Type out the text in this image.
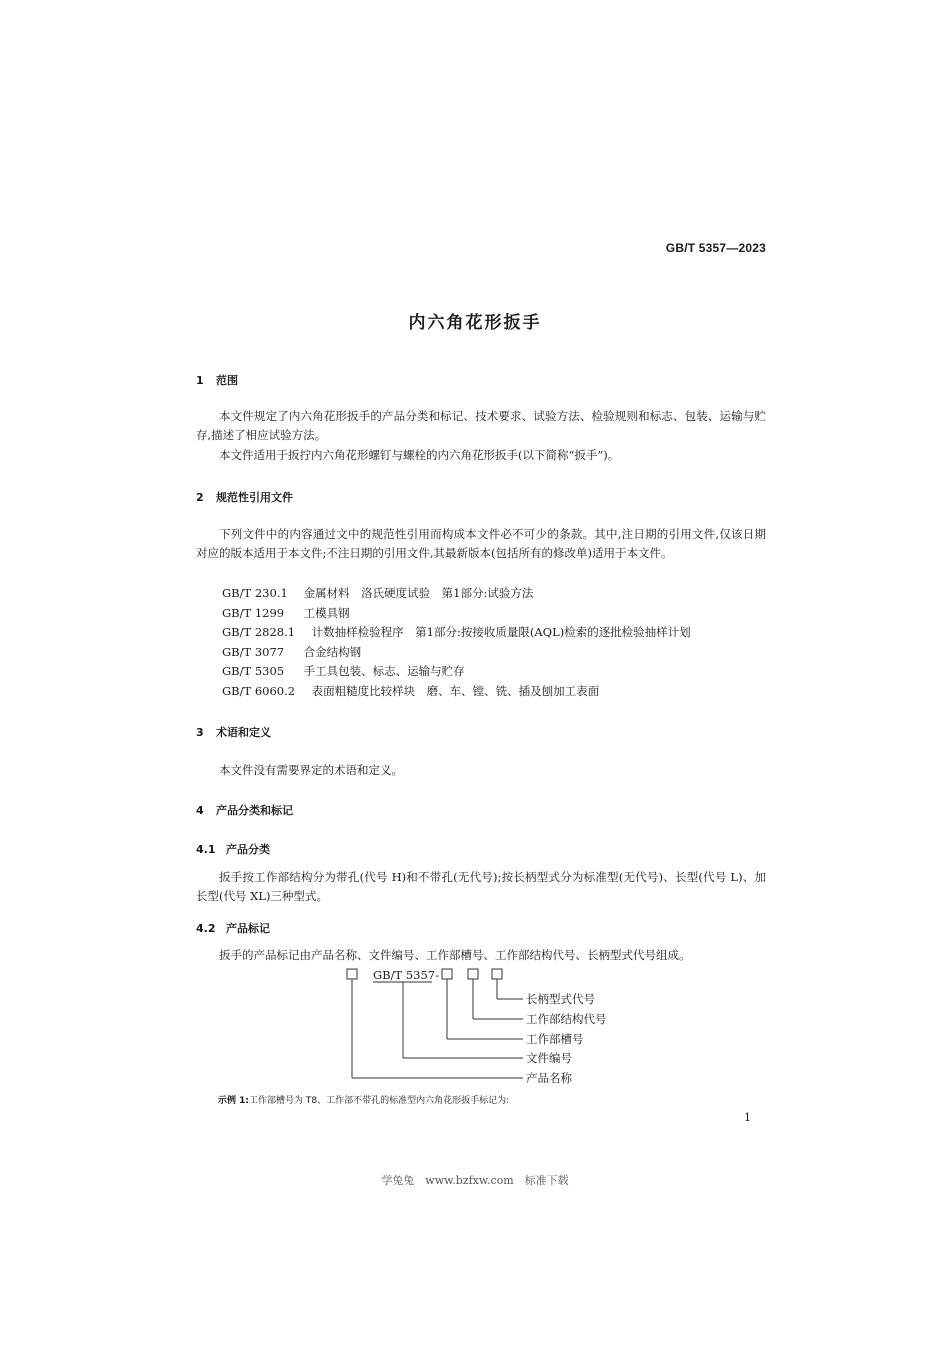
GB/T 5357—2023
内六角花形扳手
1 范围
本文件规定了内六角花形扳手的产品分类和标记、技术要求、试验方法、检验规则和标志、包装、运输与贮存,描述了相应试验方法。
本文件适用于扳拧内六角花形螺钉与螺栓的内六角花形扳手(以下简称“扳手”)。
2 规范性引用文件
下列文件中的内容通过文中的规范性引用而构成本文件必不可少的条款。其中,注日期的引用文件,仅该日期对应的版本适用于本文件;不注日期的引用文件,其最新版本(包括所有的修改单)适用于本文件。
GB/T 230.1 金属材料　洛氏硬度试验　第1部分:试验方法
GB/T 1299 工模具钢
GB/T 2828.1 计数抽样检验程序　第1部分:按接收质量限(AQL)检索的逐批检验抽样计划
GB/T 3077 合金结构钢
GB/T 5305 手工具包装、标志、运输与贮存
GB/T 6060.2 表面粗糙度比较样块　磨、车、镗、铣、插及刨加工表面
3 术语和定义
本文件没有需要界定的术语和定义。
4 产品分类和标记
4.1 产品分类
扳手按工作部结构分为带孔(代号 H)和不带孔(无代号);按长柄型式分为标准型(无代号)、长型(代号 L)、加长型(代号 XL)三种型式。
4.2 产品标记
扳手的产品标记由产品名称、文件编号、工作部槽号、工作部结构代号、长柄型式代号组成。
GB/T 5357-
长柄型式代号
工作部结构代号
工作部槽号
文件编号
产品名称
示例 1:工作部槽号为 T8、工作部不带孔的标准型内六角花形扳手标记为:
1
学兔兔　www.bzfxw.com　标准下载
